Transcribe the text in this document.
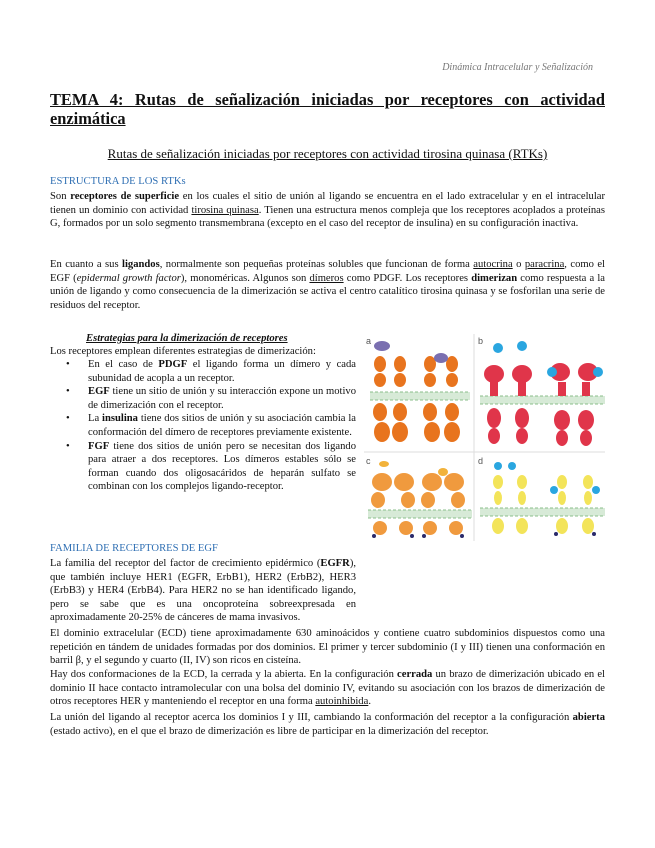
Dinámica Intracelular y Señalización
TEMA 4: Rutas de señalización iniciadas por receptores con actividad enzimática
Rutas de señalización iniciadas por receptores con actividad tirosina quinasa (RTKs)
ESTRUCTURA DE LOS RTKs
Son receptores de superficie en los cuales el sitio de unión al ligando se encuentra en el lado extracelular y en el intracelular tienen un dominio con actividad tirosina quinasa. Tienen una estructura menos compleja que los receptores acoplados a proteínas G, formados por un solo segmento transmembrana (excepto en el caso del receptor de insulina) en su configuración inactiva.
En cuanto a sus ligandos, normalmente son pequeñas proteínas solubles que funcionan de forma autocrina o paracrina, como el EGF (epidermal growth factor), monoméricas. Algunos son dímeros como PDGF. Los receptores dimerizan como respuesta a la unión de ligando y como consecuencia de la dimerización se activa el centro catalítico tirosina quinasa y se fosforilan una serie de residuos del receptor.
Estrategias para la dimerización de receptores
Los receptores emplean diferentes estrategias de dimerización:
• En el caso de PDGF el ligando forma un dímero y cada subunidad de acopla a un receptor.
• EGF tiene un sitio de unión y su interacción expone un motivo de dimerización con el receptor.
• La insulina tiene dos sitios de unión y su asociación cambia la conformación del dímero de receptores previamente existente.
• FGF tiene dos sitios de unión pero se necesitan dos ligando para atraer a dos receptores. Los dímeros estables sólo se forman cuando dos oligosacáridos de heparán sulfato se combinan con los complejos ligando-receptor.
a	b
c	d
FAMILIA DE RECEPTORES DE EGF
La familia del receptor del factor de crecimiento epidérmico (EGFR), que también incluye HER1 (EGFR, ErbB1), HER2 (ErbB2), HER3 (ErbB3) y HER4 (ErbB4). Para HER2 no se han identificado ligando, pero se sabe que es una oncoproteína sobreexpresada en aproximadamente 20-25% de cánceres de mama invasivos.
El dominio extracelular (ECD) tiene aproximadamente 630 aminoácidos y contiene cuatro subdominios dispuestos como una repetición en tándem de unidades formadas por dos dominios. El primer y tercer subdominio (I y III) tienen una conformación en barril β, y el segundo y cuarto (II, IV) son ricos en cisteína.
Hay dos conformaciones de la ECD, la cerrada y la abierta. En la configuración cerrada un brazo de dimerización ubicado en el dominio II hace contacto intramolecular con una bolsa del dominio IV, evitando su asociación con los brazos de dimerización de otros receptores HER y manteniendo el receptor en una forma autoinhibida.
La unión del ligando al receptor acerca los dominios I y III, cambiando la conformación del receptor a la configuración abierta (estado activo), en el que el brazo de dimerización es libre de participar en la dimerización del receptor.
